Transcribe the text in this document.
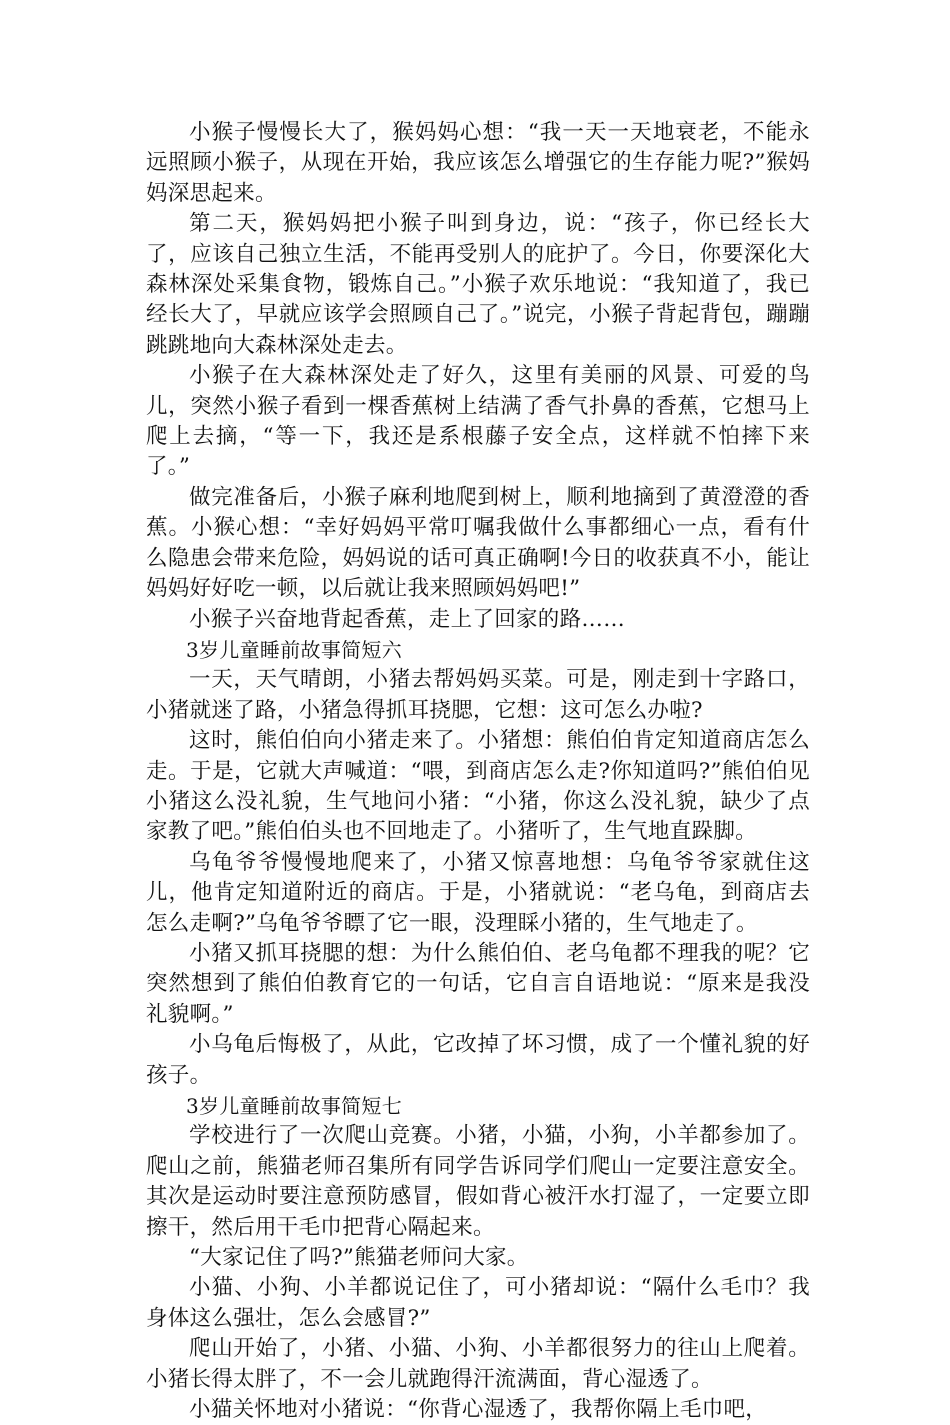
小猴子慢慢长大了，猴妈妈心想：“我一天一天地衰老，不能永远照顾小猴子，从现在开始，我应该怎么增强它的生存能力呢?”猴妈妈深思起来。

第二天，猴妈妈把小猴子叫到身边，说：“孩子，你已经长大了，应该自己独立生活，不能再受别人的庇护了。今日，你要深化大森林深处采集食物，锻炼自己。”小猴子欢乐地说：“我知道了，我已经长大了，早就应该学会照顾自己了。”说完，小猴子背起背包，蹦蹦跳跳地向大森林深处走去。

小猴子在大森林深处走了好久，这里有美丽的风景、可爱的鸟儿，突然小猴子看到一棵香蕉树上结满了香气扑鼻的香蕉，它想马上爬上去摘，“等一下，我还是系根藤子安全点，这样就不怕摔下来了。”

做完准备后，小猴子麻利地爬到树上，顺利地摘到了黄澄澄的香蕉。小猴心想：“幸好妈妈平常叮嘱我做什么事都细心一点，看有什么隐患会带来危险，妈妈说的话可真正确啊!今日的收获真不小，能让妈妈好好吃一顿，以后就让我来照顾妈妈吧!”

小猴子兴奋地背起香蕉，走上了回家的路……

3岁儿童睡前故事简短六

一天，天气晴朗，小猪去帮妈妈买菜。可是，刚走到十字路口，小猪就迷了路，小猪急得抓耳挠腮，它想：这可怎么办啦?

这时，熊伯伯向小猪走来了。小猪想：熊伯伯肯定知道商店怎么走。于是，它就大声喊道：“喂，到商店怎么走?你知道吗?”熊伯伯见小猪这么没礼貌，生气地问小猪：“小猪，你这么没礼貌，缺少了点家教了吧。”熊伯伯头也不回地走了。小猪听了，生气地直跺脚。

乌龟爷爷慢慢地爬来了，小猪又惊喜地想：乌龟爷爷家就住这儿，他肯定知道附近的商店。于是，小猪就说：“老乌龟，到商店去怎么走啊?”乌龟爷爷瞟了它一眼，没理睬小猪的，生气地走了。

小猪又抓耳挠腮的想：为什么熊伯伯、老乌龟都不理我的呢？它突然想到了熊伯伯教育它的一句话，它自言自语地说：“原来是我没礼貌啊。”

小乌龟后悔极了，从此，它改掉了坏习惯，成了一个懂礼貌的好孩子。

3岁儿童睡前故事简短七

学校进行了一次爬山竞赛。小猪，小猫，小狗，小羊都参加了。爬山之前，熊猫老师召集所有同学告诉同学们爬山一定要注意安全。其次是运动时要注意预防感冒，假如背心被汗水打湿了，一定要立即擦干，然后用干毛巾把背心隔起来。

“大家记住了吗?”熊猫老师问大家。

小猫、小狗、小羊都说记住了，可小猪却说：“隔什么毛巾？我身体这么强壮，怎么会感冒?”

爬山开始了，小猪、小猫、小狗、小羊都很努力的往山上爬着。小猪长得太胖了，不一会儿就跑得汗流满面，背心湿透了。

小猫关怀地对小猪说：“你背心湿透了，我帮你隔上毛巾吧，
